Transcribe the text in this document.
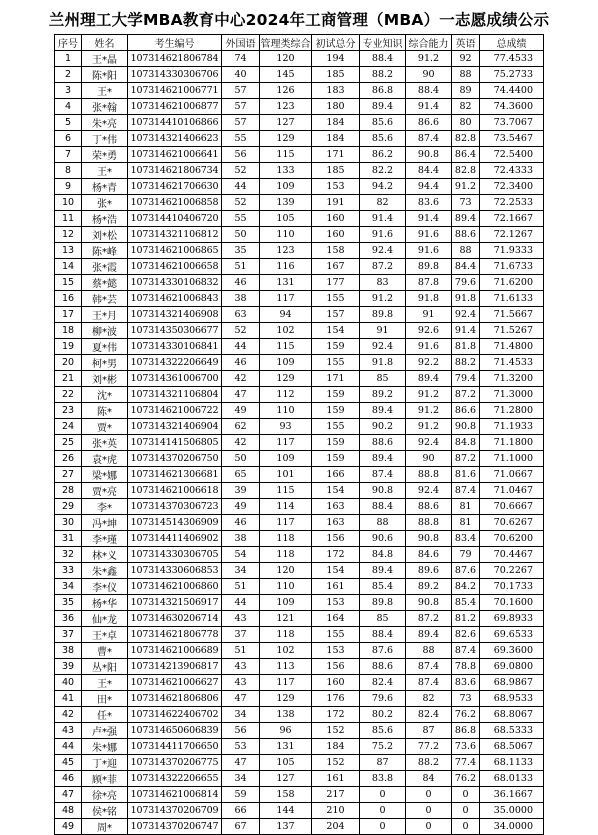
兰州理工大学MBA教育中心2024年工商管理（MBA）一志愿成绩公示
序号	姓名	考生编号	外国语	管理类综合	初试总分	专业知识	综合能力	英语	总成绩
1	王*晶	107314621806784	74	120	194	88.4	91.2	92	77.4533
2	陈*阳	107314330306706	40	145	185	88.2	90	88	75.2733
3	王*	107314621006771	57	126	183	86.8	88.4	89	74.4400
4	张*翰	107314621006877	57	123	180	89.4	91.4	82	74.3600
5	朱*亮	107314410106866	57	127	184	85.6	86.6	80	73.7067
6	丁*伟	107314321406623	55	129	184	85.6	87.4	82.8	73.5467
7	荣*勇	107314621006641	56	115	171	86.2	90.8	86.4	72.5400
8	王*	107314621806734	52	133	185	82.2	84.4	82.8	72.4333
9	杨*青	107314621706630	44	109	153	94.2	94.4	91.2	72.3400
10	张*	107314621006858	52	139	191	82	83.6	73	72.2533
11	杨*浩	107314410406720	55	105	160	91.4	91.4	89.4	72.1667
12	刘*松	107314321106812	50	110	160	91.6	91.6	88.6	72.1267
13	陈*峰	107314621006865	35	123	158	92.4	91.6	88	71.9333
14	张*霞	107314621006658	51	116	167	87.2	89.8	84.4	71.6733
15	蔡*懿	107314330106832	46	131	177	83	87.8	79.6	71.6200
16	韩*芸	107314621006843	38	117	155	91.2	91.8	91.8	71.6133
17	王*月	107314321406908	63	94	157	89.8	91	92.4	71.5667
18	柳*波	107314350306677	52	102	154	91	92.6	91.4	71.5267
19	夏*伟	107314330106841	44	115	159	92.4	91.6	81.8	71.4800
20	柯*男	107314322206649	46	109	155	91.8	92.2	88.2	71.4533
21	刘*彬	107314361006700	42	129	171	85	89.4	79.4	71.3200
22	沈*	107314321106804	47	112	159	89.2	91.2	87.2	71.3000
23	陈*	107314621006722	49	110	159	89.4	91.2	86.6	71.2800
24	贾*	107314321406904	62	93	155	90.2	91.2	90.8	71.1933
25	张*英	107314141506805	42	117	159	88.6	92.4	84.8	71.1800
26	袁*虎	107314370206750	50	109	159	89.4	90	87.2	71.1000
27	梁*娜	107314621306681	65	101	166	87.4	88.8	81.6	71.0667
28	贾*亮	107314621006618	39	115	154	90.8	92.4	87.4	71.0467
29	李*	107314370306723	49	114	163	88.4	88.6	81	70.6667
30	冯*坤	107314514306909	46	117	163	88	88.8	81	70.6267
31	李*瑾	107314411406902	38	118	156	90.6	90.8	83.4	70.6200
32	林*义	107314330306705	54	118	172	84.8	84.6	79	70.4467
33	朱*鑫	107314330606853	34	120	154	89.4	89.6	87.6	70.2267
34	李*仪	107314621006860	51	110	161	85.4	89.2	84.2	70.1733
35	杨*华	107314321506917	44	109	153	89.8	90.8	85.4	70.1600
36	仙*龙	107314630206714	43	121	164	85	87.2	81.2	69.8933
37	王*卓	107314621806778	37	118	155	88.4	89.4	82.6	69.6533
38	曹*	107314621006689	51	102	153	87.6	88	87.4	69.3600
39	丛*阳	107314213906817	43	113	156	88.6	87.4	78.8	69.0800
40	王*	107314621006627	43	117	160	82.4	87.4	83.6	68.9867
41	田*	107314621806806	47	129	176	79.6	82	73	68.9533
42	任*	107314622406702	34	138	172	80.2	82.4	76.2	68.8067
43	卢*强	107314650606839	56	96	152	85.6	87	86.8	68.5333
44	朱*娜	107314411706650	53	131	184	75.2	77.2	73.6	68.5067
45	丁*迎	107314370206775	47	105	152	87	88.2	77.4	68.1133
46	顾*菲	107314322206655	34	127	161	83.8	84	76.2	68.0133
47	徐*亮	107314621006814	59	158	217	0	0	0	36.1667
48	侯*铭	107314370206709	66	144	210	0	0	0	35.0000
49	周*	107314370206747	67	137	204	0	0	0	34.0000
